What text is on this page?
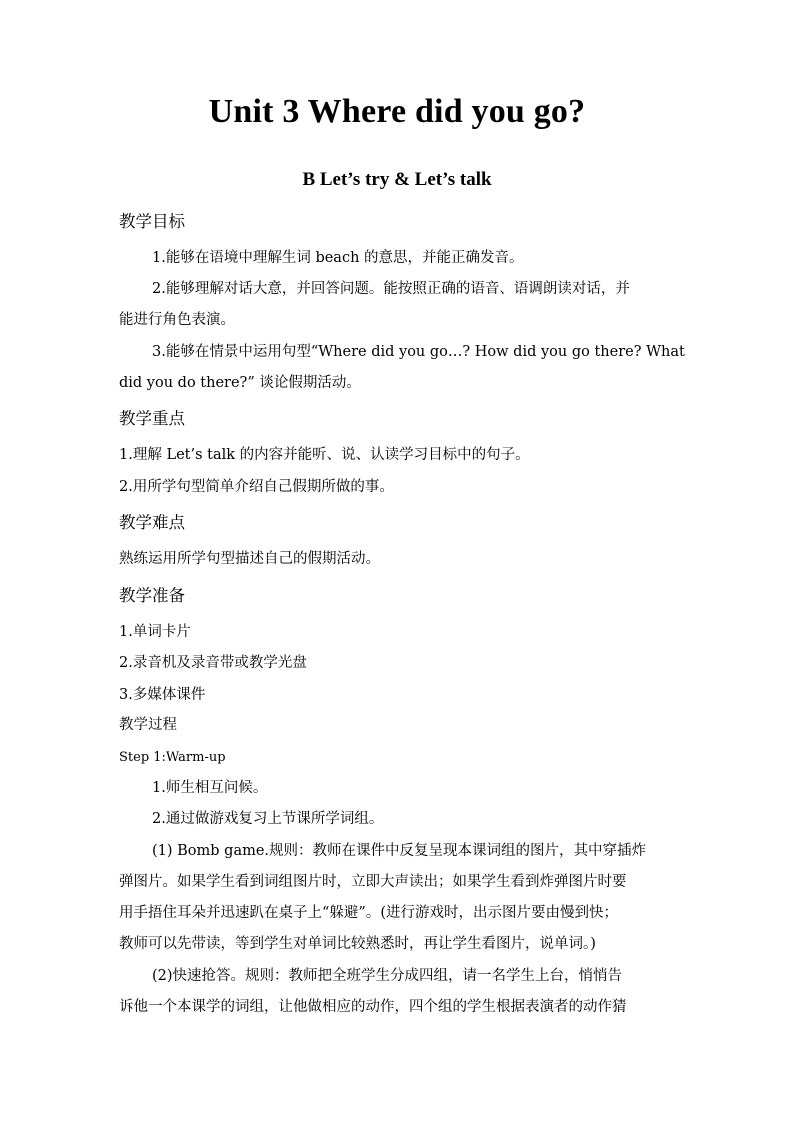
Unit 3 Where did you go?
B Let’s try & Let’s talk
教学目标
1.能够在语境中理解生词 beach 的意思，并能正确发音。
2.能够理解对话大意，并回答问题。能按照正确的语音、语调朗读对话，并
能进行角色表演。
3.能够在情景中运用句型“Where did you go…? How did you go there? What
did you do there?” 谈论假期活动。
教学重点
1.理解 Let’s talk 的内容并能听、说、认读学习目标中的句子。
2.用所学句型简单介绍自己假期所做的事。
教学难点
熟练运用所学句型描述自己的假期活动。
教学准备
1.单词卡片
2.录音机及录音带或教学光盘
3.多媒体课件
教学过程
Step 1:Warm-up
1.师生相互问候。
2.通过做游戏复习上节课所学词组。
(1) Bomb game.规则：教师在课件中反复呈现本课词组的图片，其中穿插炸
弹图片。如果学生看到词组图片时，立即大声读出；如果学生看到炸弹图片时要
用手捂住耳朵并迅速趴在桌子上“躲避”。(进行游戏时，出示图片要由慢到快；
教师可以先带读，等到学生对单词比较熟悉时，再让学生看图片，说单词。)
(2)快速抢答。规则：教师把全班学生分成四组，请一名学生上台，悄悄告
诉他一个本课学的词组，让他做相应的动作，四个组的学生根据表演者的动作猜
